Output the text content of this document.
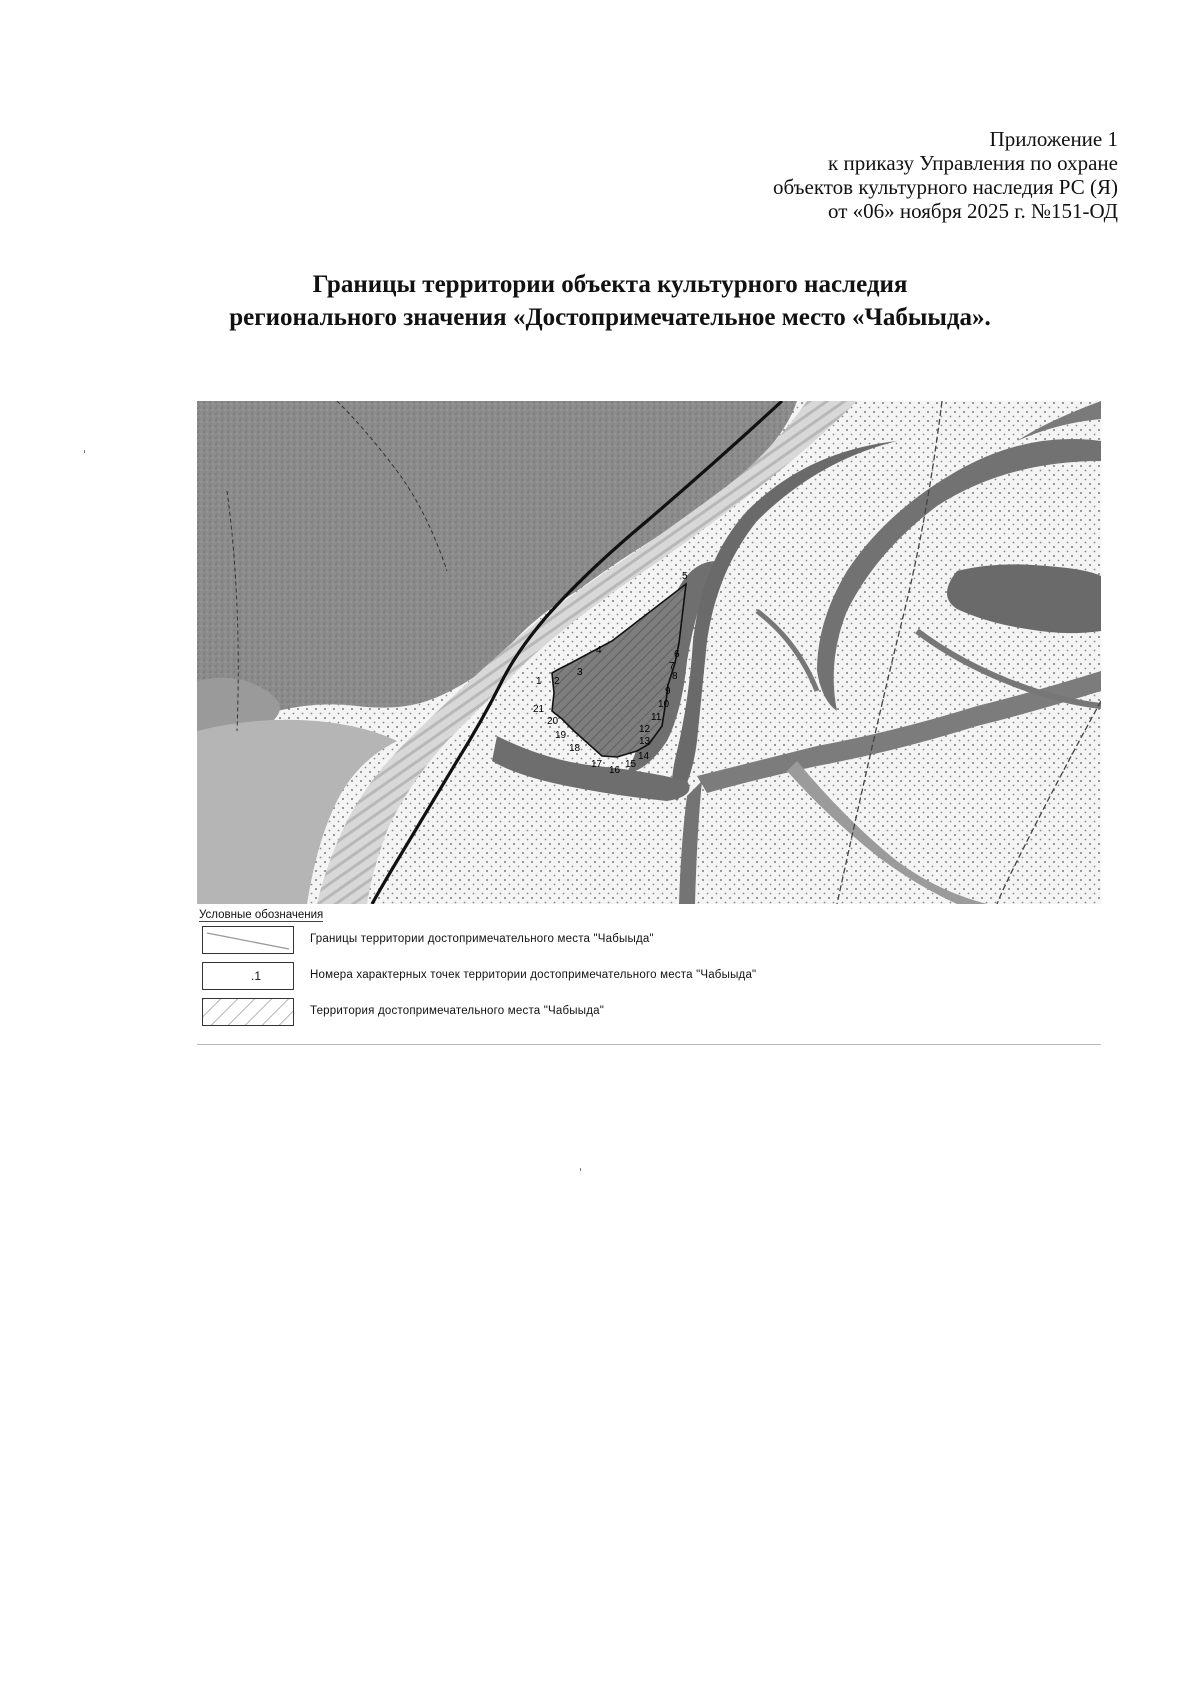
Приложение 1
к приказу Управления по охране
объектов культурного наследия РС (Я)
от «06» ноября 2025 г. №151-ОД
Границы территории объекта культурного наследия
регионального значения «Достопримечательное место «Чабыыда».
1 2
3
4
5
6
7
8
9
10
11
12
13
14
15
16
17
18
19
20
21
Условные обозначения
Границы территории достопримечательного места "Чабыыда"
.1	Номера характерных точек территории достопримечательного места "Чабыыда"
Территория достопримечательного места "Чабыыда"
